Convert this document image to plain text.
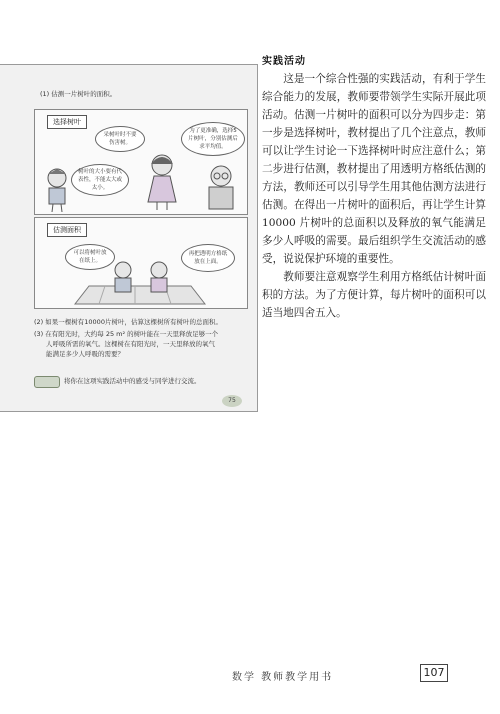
(1) 估测一片树叶的面积。
选择树叶
采树叶时不要伤害树。
为了更准确，选择5片树叶，分别估测后求平均值。
树叶的大小要有代表性，不能太大或太小。
估测面积
可以将树叶放在纸上。
再把透明方格纸放在上面。
(2) 如果一棵树有10000片树叶，估算这棵树所有树叶的总面积。
(3) 在有阳光时，大约每 25 m² 的树叶能在一天里释放足够一个
人呼吸所需的氧气。这棵树在有阳光时，一天里释放的氧气
能满足多少人呼吸的需要？
将你在这项实践活动中的感受与同学进行交流。
75
实践活动

这是一个综合性强的实践活动，有利于学生综合能力的发展，教师要带领学生实际开展此项活动。估测一片树叶的面积可以分为四步走：第一步是选择树叶，教材提出了几个注意点，教师可以让学生讨论一下选择树叶时应注意什么；第二步进行估测，教材提出了用透明方格纸估测的方法，教师还可以引导学生用其他估测方法进行估测。在得出一片树叶的面积后，再让学生计算 10000 片树叶的总面积以及释放的氧气能满足多少人呼吸的需要。最后组织学生交流活动的感受，说说保护环境的重要性。

教师要注意观察学生利用方格纸估计树叶面积的方法。为了方便计算，每片树叶的面积可以适当地四舍五入。

数学 教师教学用书	107
